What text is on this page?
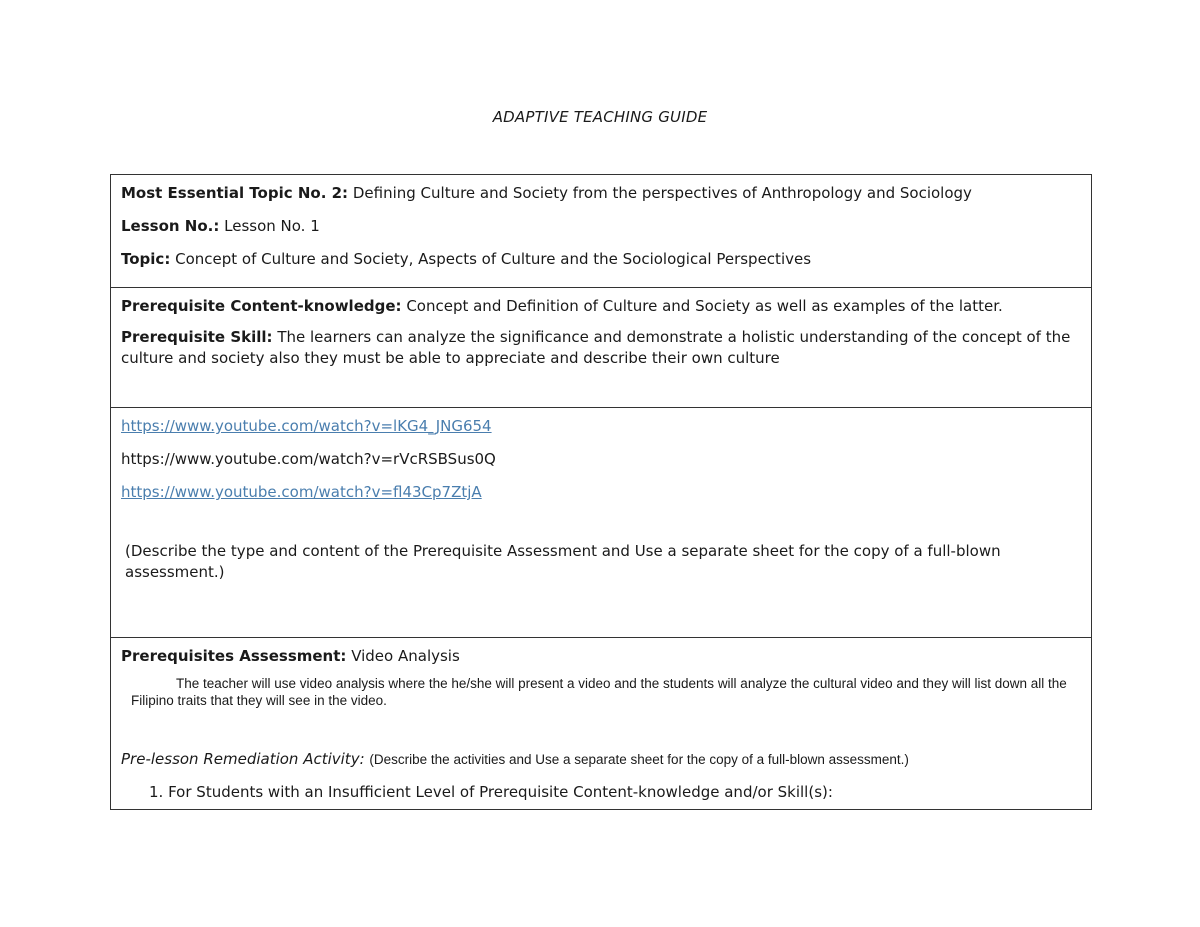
ADAPTIVE TEACHING GUIDE

Most Essential Topic No. 2: Defining Culture and Society from the perspectives of Anthropology and Sociology

Lesson No.: Lesson No. 1

Topic: Concept of Culture and Society, Aspects of Culture and the Sociological Perspectives

Prerequisite Content-knowledge: Concept and Definition of Culture and Society as well as examples of the latter.

Prerequisite Skill: The learners can analyze the significance and demonstrate a holistic understanding of the concept of the culture and society also they must be able to appreciate and describe their own culture

https://www.youtube.com/watch?v=lKG4_JNG654

https://www.youtube.com/watch?v=rVcRSBSus0Q

https://www.youtube.com/watch?v=fl43Cp7ZtjA

(Describe the type and content of the Prerequisite Assessment and Use a separate sheet for the copy of a full-blown assessment.)

Prerequisites Assessment: Video Analysis

The teacher will use video analysis where the he/she will present a video and the students will analyze the cultural video and they will list down all the Filipino traits that they will see in the video.
Pre-lesson Remediation Activity: (Describe the activities and Use a separate sheet for the copy of a full-blown assessment.)
1. For Students with an Insufficient Level of Prerequisite Content-knowledge and/or Skill(s):
